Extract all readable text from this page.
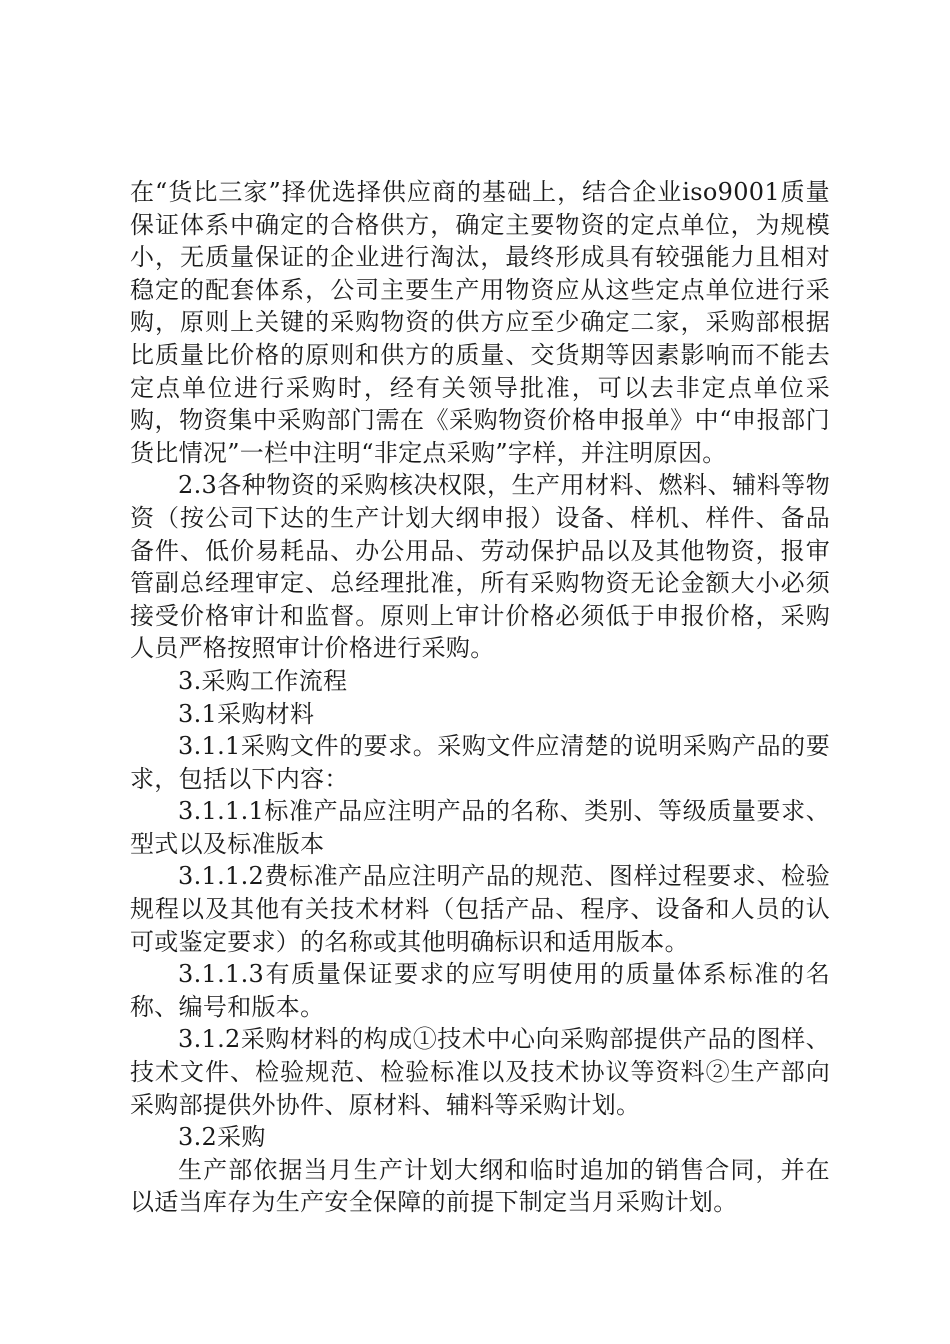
在“货比三家”择优选择供应商的基础上，结合企业iso9001质量保证体系中确定的合格供方，确定主要物资的定点单位，为规模小，无质量保证的企业进行淘汰，最终形成具有较强能力且相对稳定的配套体系，公司主要生产用物资应从这些定点单位进行采购，原则上关键的采购物资的供方应至少确定二家，采购部根据比质量比价格的原则和供方的质量、交货期等因素影响而不能去定点单位进行采购时，经有关领导批准，可以去非定点单位采购，物资集中采购部门需在《采购物资价格申报单》中“申报部门货比情况”一栏中注明“非定点采购”字样，并注明原因。

2.3各种物资的采购核决权限，生产用材料、燃料、辅料等物资（按公司下达的生产计划大纲申报）设备、样机、样件、备品备件、低价易耗品、办公用品、劳动保护品以及其他物资，报审管副总经理审定、总经理批准，所有采购物资无论金额大小必须接受价格审计和监督。原则上审计价格必须低于申报价格，采购人员严格按照审计价格进行采购。

3.采购工作流程

3.1采购材料

3.1.1采购文件的要求。采购文件应清楚的说明采购产品的要求，包括以下内容：

3.1.1.1标准产品应注明产品的名称、类别、等级质量要求、型式以及标准版本

3.1.1.2费标准产品应注明产品的规范、图样过程要求、检验规程以及其他有关技术材料（包括产品、程序、设备和人员的认可或鉴定要求）的名称或其他明确标识和适用版本。

3.1.1.3有质量保证要求的应写明使用的质量体系标准的名称、编号和版本。

3.1.2采购材料的构成①技术中心向采购部提供产品的图样、技术文件、检验规范、检验标准以及技术协议等资料②生产部向采购部提供外协件、原材料、辅料等采购计划。

3.2采购

生产部依据当月生产计划大纲和临时追加的销售合同，并在以适当库存为生产安全保障的前提下制定当月采购计划。
